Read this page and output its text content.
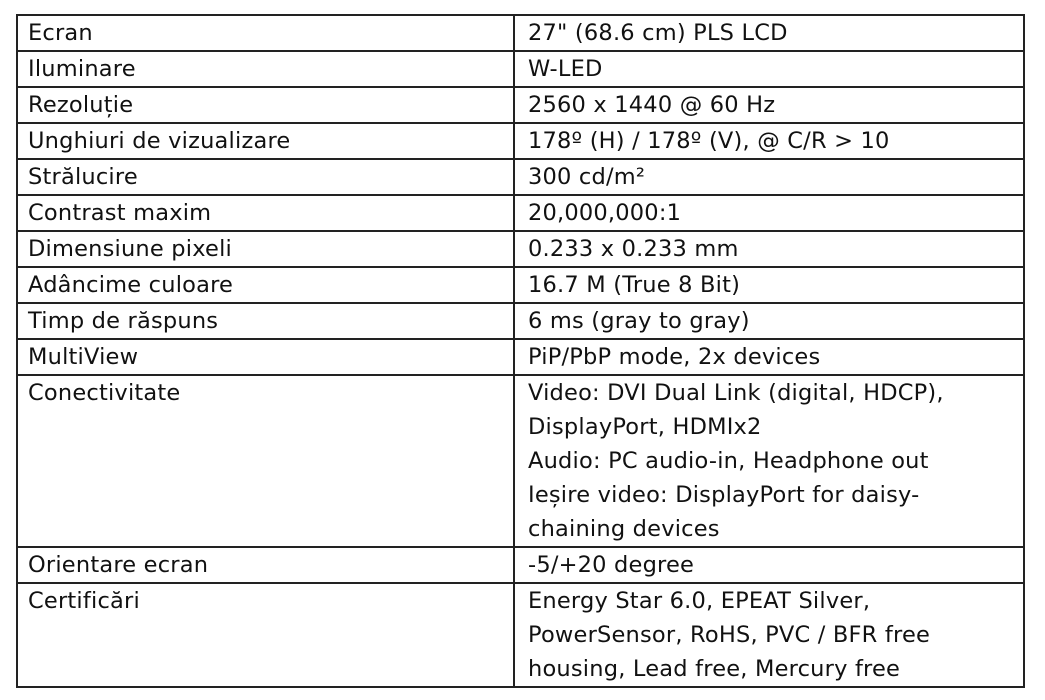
Ecran	27" (68.6 cm) PLS LCD

Iluminare	W-LED

Rezoluție	2560 x 1440 @ 60 Hz

Unghiuri de vizualizare	178º (H) / 178º (V), @ C/R > 10

Strălucire	300 cd/m²

Contrast maxim	20,000,000:1

Dimensiune pixeli	0.233 x 0.233 mm

Adâncime culoare	16.7 M (True 8 Bit)

Timp de răspuns	6 ms (gray to gray)

MultiView	PiP/PbP mode, 2x devices

Conectivitate	Video: DVI Dual Link (digital, HDCP),
DisplayPort, HDMIx2
Audio: PC audio-in, Headphone out
Ieșire video: DisplayPort for daisy-
chaining devices

Orientare ecran	-5/+20 degree

Certificări	Energy Star 6.0, EPEAT Silver,
PowerSensor, RoHS, PVC / BFR free
housing, Lead free, Mercury free
